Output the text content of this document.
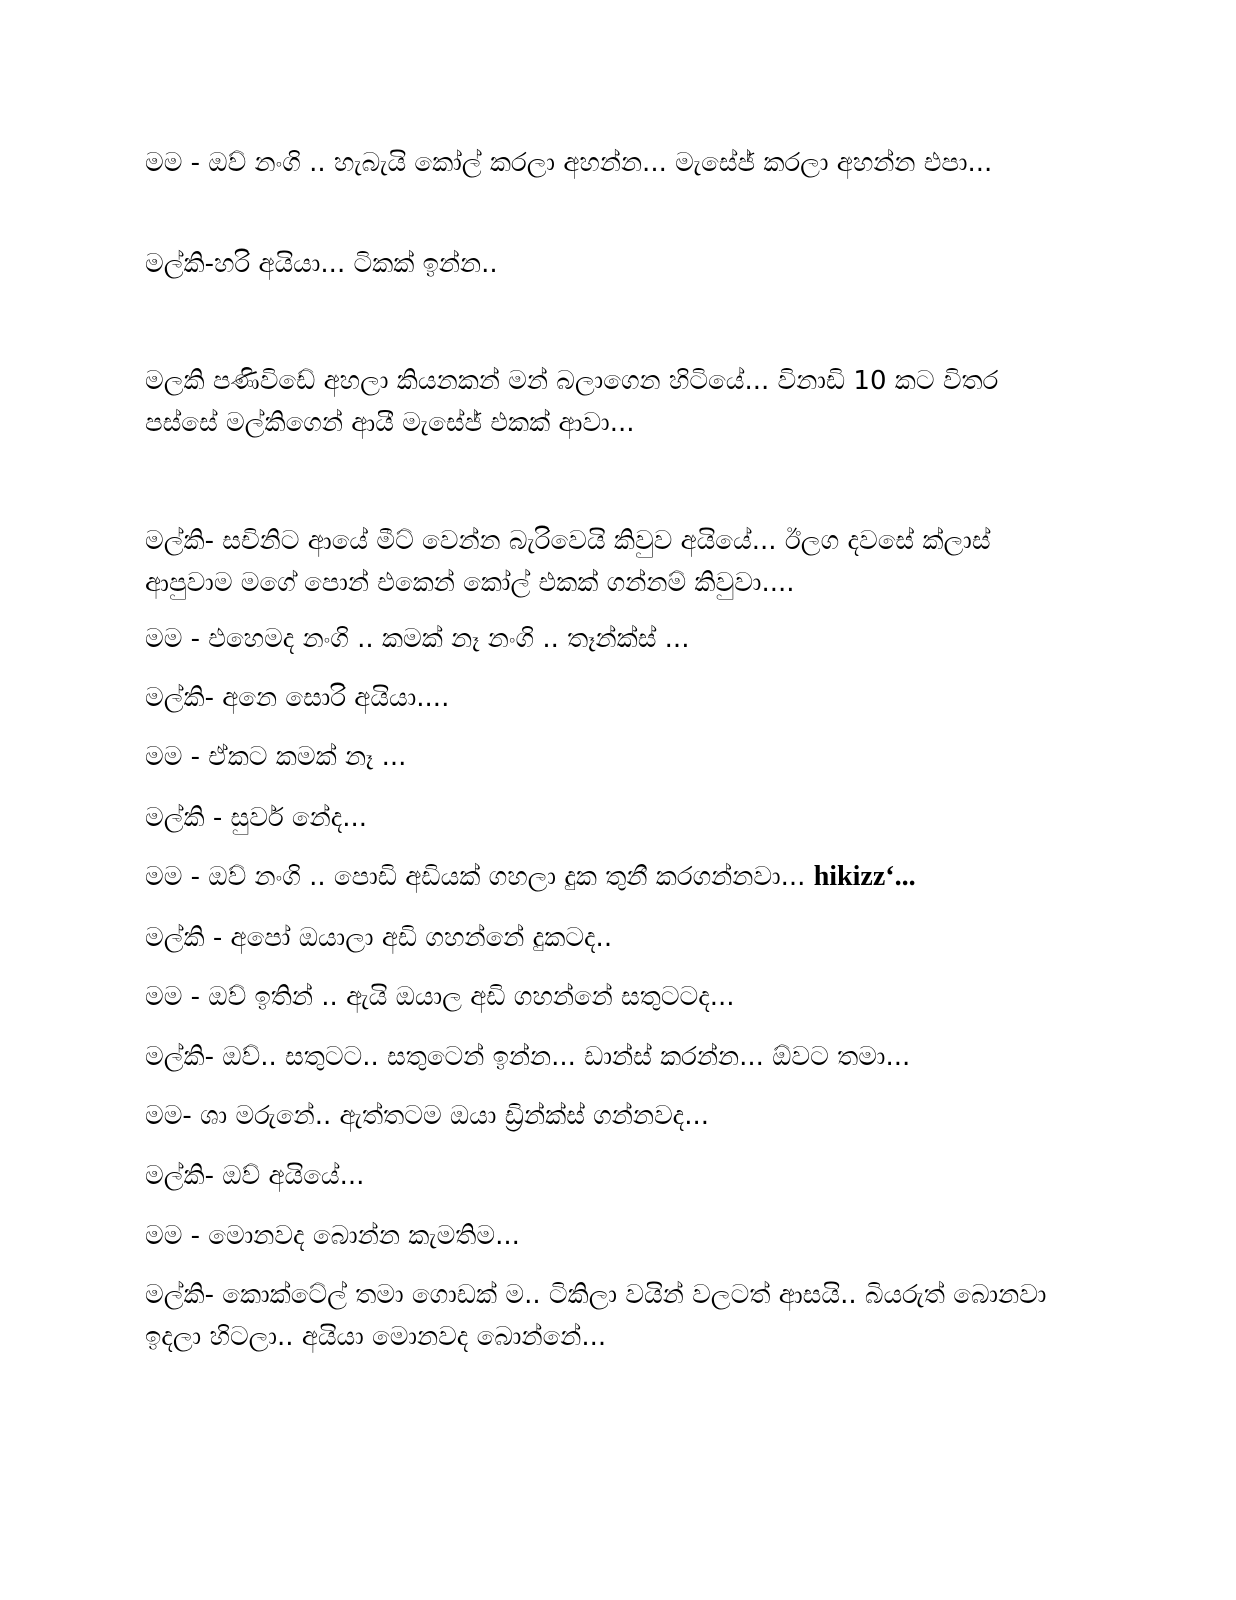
මම - ඔව් නංගි .. හැබැයි කෝල් කරලා අහන්න... මැසේජ් කරලා අහන්න එපා...

මල්කි-හරි අයියා... ටිකක් ඉන්න..

මලකි පණිවිඩේ අහලා කියනකන් මන් බලාගෙන හිටියේ... විනාඩි 10 කට විතර පස්සේ මල්කිගෙන් ආයී මැසේජ් එකක් ආවා...

මල්කි- සචිනිට ආයේ මීට් වෙන්න බැරිවෙයි කිවුව අයියේ... ඊලග දවසේ ක්ලාස් ආපුවාම මගේ පොන් එකෙන් කෝල් එකක් ගන්නම් කිවුවා....

මම - එහෙමද නංගි .. කමක් නෑ නංගි .. තෑන්ක්ස් ...

මල්කි- අනෙ සොරි අයියා....

මම - ඒකට කමක් නෑ ...

මල්කි - සුවර් නේද...

මම - ඔව් නංගි .. පොඩි අඩියක් ගහලා දුක තුනී කරගන්නවා... hikizz‘...

මල්කි - අපෝ ඔයාලා අඩි ගහන්නේ දුකටද..

මම - ඔව් ඉතින් .. ඇයි ඔයාල අඩි ගහන්නේ සතුටටද...

මල්කි- ඔව්.. සතුටට.. සතුටෙන් ඉන්න... ඩාන්ස් කරන්න... ඕවට තමා...

මම- ශා මරුනේ.. ඇත්තටම ඔයා ඩ්‍රින්ක්ස් ගන්නවද...

මල්කි- ඔව් අයියේ...

මම - මොනවද බොන්න කැමතිම...

මල්කි- කොක්ටේල් තමා ගොඩක් ම.. ටිකිලා වයින් වලටත් ආසයි.. බියරුත් බොනවා ඉදලා හිටලා.. අයියා මොනවද බොන්නේ...
